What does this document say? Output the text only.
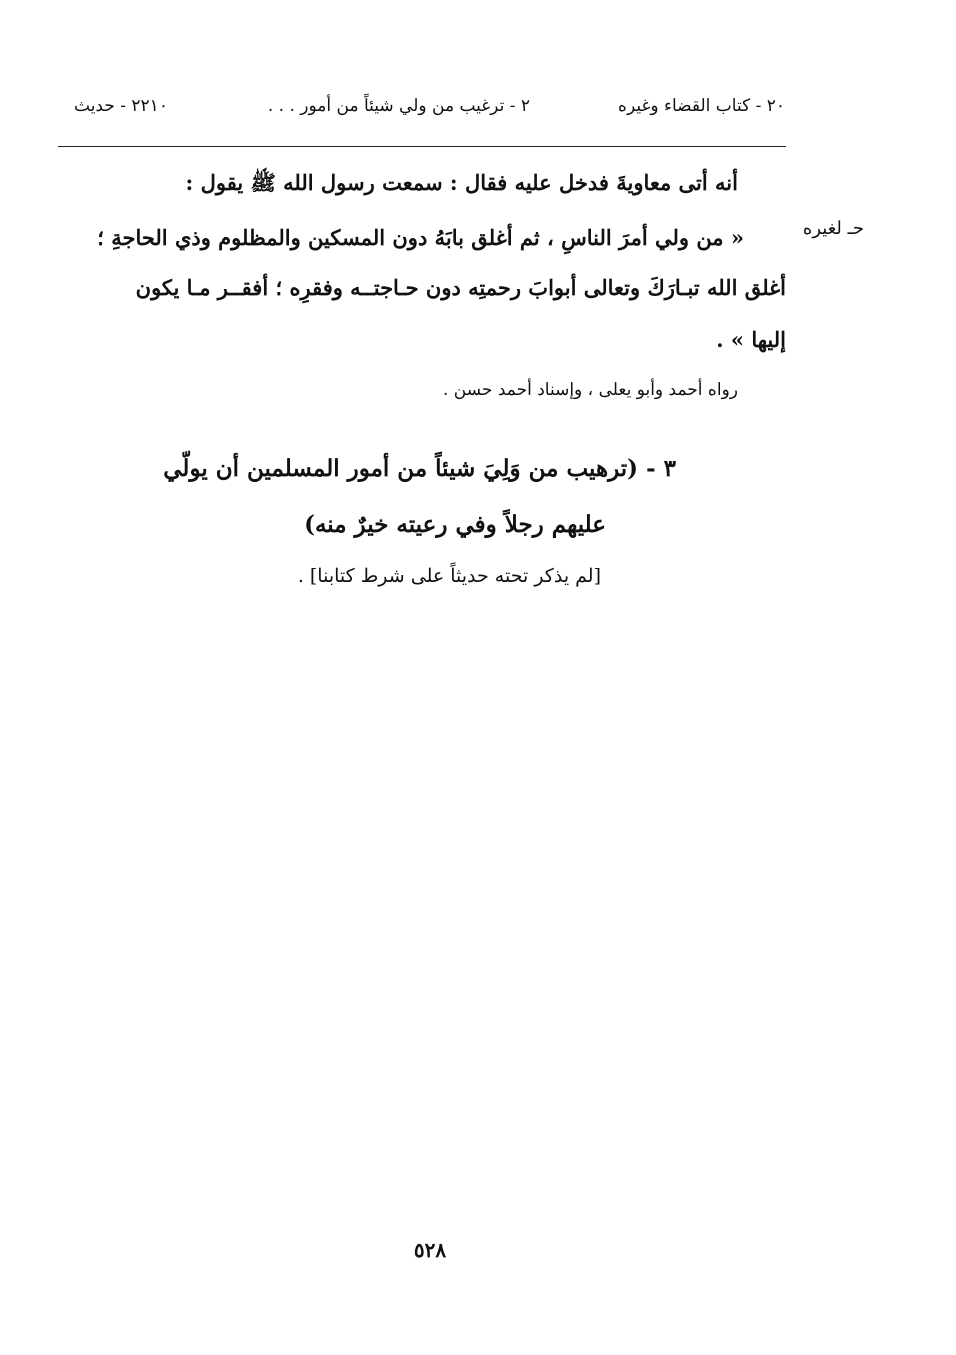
٢٠ - كتاب القضاء وغيره
٢ - ترغيب من ولي شيئاً من أمور . . .
٢٢١٠ - حديث
حـ لغيره
أنه أتى معاويةَ فدخل عليه فقال : سمعت رسول الله ﷺ يقول :
« من ولي أمرَ الناسِ ، ثم أغلق بابَهُ دون المسكين والمظلوم وذي الحاجةِ ؛
أغلق الله تبـارَكَ وتعالى أبوابَ رحمتِه دون حـاجتــه وفقرِه ؛ أفقــر مـا يكون
إليها » .
رواه أحمد وأبو يعلى ، وإسناد أحمد حسن .
٣ - (ترهيب من وَلِيَ شيئاً من أمور المسلمين أن يولّي
عليهم رجلاً وفي رعيته خيرٌ منه)
[لم يذكر تحته حديثاً على شرط كتابنا] .
٥٢٨
